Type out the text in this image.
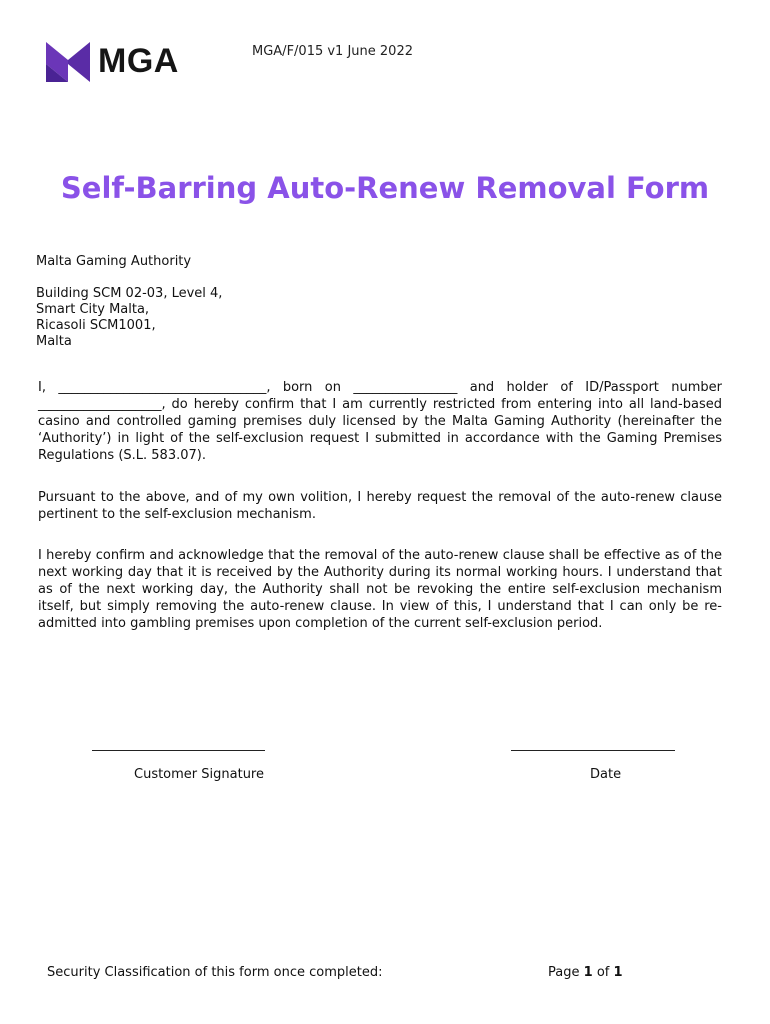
MGA	MGA/F/015 v1 June 2022
Self-Barring Auto-Renew Removal Form
Malta Gaming Authority
Building SCM 02-03, Level 4,
Smart City Malta,
Ricasoli SCM1001,
Malta

I, ________________________________, born on ________________ and holder of ID/Passport number ___________________, do hereby confirm that I am currently restricted from entering into all land-based casino and controlled gaming premises duly licensed by the Malta Gaming Authority (hereinafter the ‘Authority’) in light of the self-exclusion request I submitted in accordance with the Gaming Premises Regulations (S.L. 583.07).

Pursuant to the above, and of my own volition, I hereby request the removal of the auto-renew clause pertinent to the self-exclusion mechanism.

I hereby confirm and acknowledge that the removal of the auto-renew clause shall be effective as of the next working day that it is received by the Authority during its normal working hours. I understand that as of the next working day, the Authority shall not be revoking the entire self-exclusion mechanism itself, but simply removing the auto-renew clause. In view of this, I understand that I can only be re-admitted into gambling premises upon completion of the current self-exclusion period.

Customer Signature	Date
Security Classification of this form once completed:	Page 1 of 1
